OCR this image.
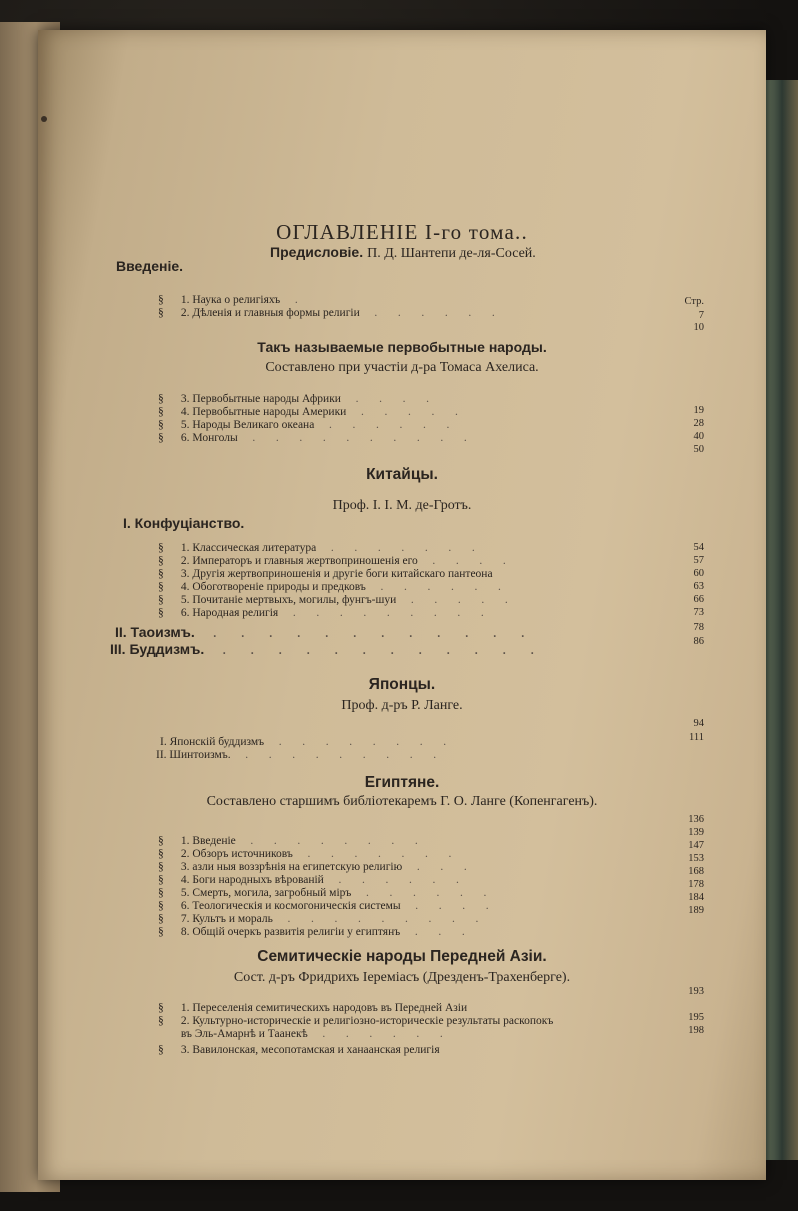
ОГЛАВЛЕНІЕ I-го тома..
Предисловіе. П. Д. Шантепи де-ля-Сосей.
Введеніе.
§ 1. Наука о религіяхъ   .
§ 2. Дѣленія и главныя формы религіи   .   .   .   .   .   .
Стр.
7
10
Такъ называемые первобытные народы.
Составлено при участіи д-ра Томаса Ахелиса.
§ 3. Первобытные народы Африки   .   .   .   .
§ 4. Первобытные народы Америки   .   .   .   .   .
§ 5. Народы Великаго океана   .   .   .   .   .   .
§ 6. Монголы   .   .   .   .   .   .   .   .   .   .
19
28
40
50
Китайцы.
Проф. I. I. M. де-Гротъ.
I. Конфуціанство.
§ 1. Классическая литература   .   .   .   .   .   .   .
§ 2. Императоръ и главныя жертвоприношенія его   .   .   .   .
§ 3. Другія жертвоприношенія и другіе боги китайскаго пантеона
§ 4. Обоготвореніе природы и предковъ   .   .   .   .   .   .
§ 5. Почитаніе мертвыхъ, могилы, фунгъ-шуи   .   .   .   .   .
§ 6. Народная религія   .   .   .   .   .   .   .   .   .
54
57
60
63
66
73
II. Таоизмъ.   .   .   .   .   .   .   .   .   .   .   .   .	78
III. Буддизмъ.   .   .   .   .   .   .   .   .   .   .   .   .	86
Японцы.
Проф. д-ръ Р. Ланге.
94
111
I. Японскій буддизмъ   .   .   .   .   .   .   .   .
II. Шинтоизмъ.   .   .   .   .   .   .   .   .   .
Египтяне.
Составлено старшимъ библіотекаремъ Г. О. Ланге (Копенгагенъ).
§ 1. Введеніе   .   .   .   .   .   .   .   .
§ 2. Обзоръ источниковъ   .   .   .   .   .   .   .
§ 3. азли ныя воззрѣнія на египетскую религію   .   .   .
§ 4. Боги народныхъ вѣрованій   .   .   .   .   .   .
§ 5. Смерть, могила, загробный міръ   .   .   .   .   .   .
§ 6. Теологическія и космогоническія системы   .   .   .   .
§ 7. Культъ и мораль   .   .   .   .   .   .   .   .   .
§ 8. Общій очеркъ развитія религіи у египтянъ   .   .   .
136
139
147
153
168
178
184
189
Семитическіе народы Передней Азіи.
Сост. д-ръ Фридрихъ Іереміасъ (Дрезденъ-Трахенберге).
193
§ 1. Переселенія семитическихъ народовъ въ Передней Азіи
§ 2. Культурно-историческіе и религіозно-историческіе результаты раскопокъ
въ Эль-Амарнѣ и Таанекѣ   .   .   .   .   .   .
§ 3. Вавилонская, месопотамская и ханаанская религія
195
198
